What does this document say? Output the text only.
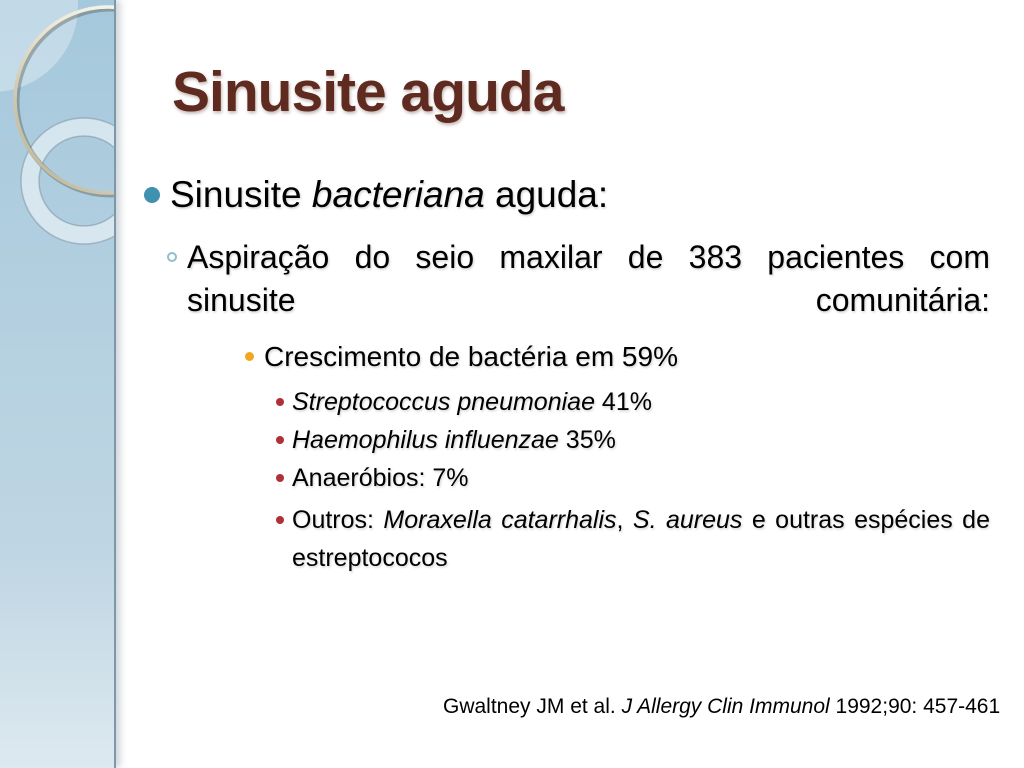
Sinusite aguda
Sinusite bacteriana aguda:
Aspiração do seio maxilar de 383 pacientes com sinusite comunitária:
Crescimento de bactéria em 59%
Streptococcus pneumoniae 41%
Haemophilus influenzae 35%
Anaeróbios: 7%
Outros: Moraxella catarrhalis, S. aureus e outras espécies de estreptococos
Gwaltney JM et al. J Allergy Clin Immunol 1992;90: 457-461
